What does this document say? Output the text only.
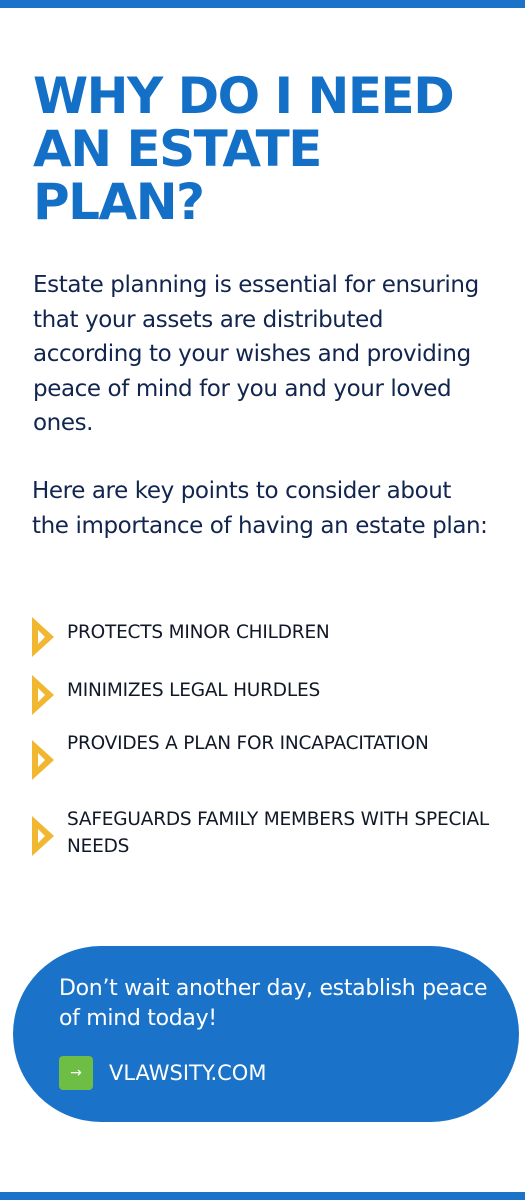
WHY DO I NEED AN ESTATE PLAN?

Estate planning is essential for ensuring that your assets are distributed according to your wishes and providing peace of mind for you and your loved ones.

Here are key points to consider about the importance of having an estate plan:

PROTECTS MINOR CHILDREN
MINIMIZES LEGAL HURDLES
PROVIDES A PLAN FOR INCAPACITATION
SAFEGUARDS FAMILY MEMBERS WITH SPECIAL NEEDS

Don’t wait another day, establish peace of mind today!

→	VLAWSITY.COM
